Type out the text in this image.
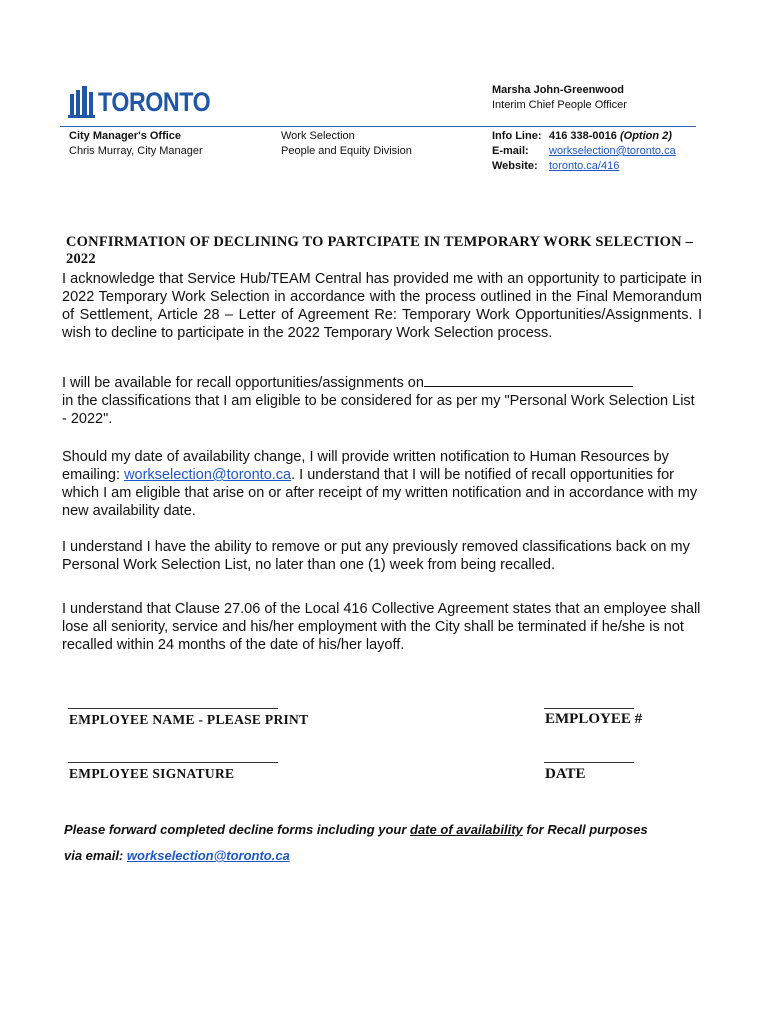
TORONTO	Marsha John-Greenwood
Interim Chief People Officer
City Manager's Office
Chris Murray, City Manager
Work Selection
People and Equity Division
Info Line: 416 338-0016 (Option 2)
E-mail: workselection@toronto.ca
Website: toronto.ca/416
CONFIRMATION OF DECLINING TO PARTCIPATE IN TEMPORARY WORK SELECTION – 2022
I acknowledge that Service Hub/TEAM Central has provided me with an opportunity to participate in 2022 Temporary Work Selection in accordance with the process outlined in the Final Memorandum of Settlement, Article 28 – Letter of Agreement Re: Temporary Work Opportunities/Assignments. I wish to decline to participate in the 2022 Temporary Work Selection process.
I will be available for recall opportunities/assignments on
in the classifications that I am eligible to be considered for as per my "Personal Work Selection List - 2022".
Should my date of availability change, I will provide written notification to Human Resources by emailing: workselection@toronto.ca. I understand that I will be notified of recall opportunities for which I am eligible that arise on or after receipt of my written notification and in accordance with my new availability date.
I understand I have the ability to remove or put any previously removed classifications back on my Personal Work Selection List, no later than one (1) week from being recalled.
I understand that Clause 27.06 of the Local 416 Collective Agreement states that an employee shall lose all seniority, service and his/her employment with the City shall be terminated if he/she is not recalled within 24 months of the date of his/her layoff.
EMPLOYEE NAME - PLEASE PRINT	EMPLOYEE #
EMPLOYEE SIGNATURE	DATE
Please forward completed decline forms including your date of availability for Recall purposes
via email: workselection@toronto.ca
